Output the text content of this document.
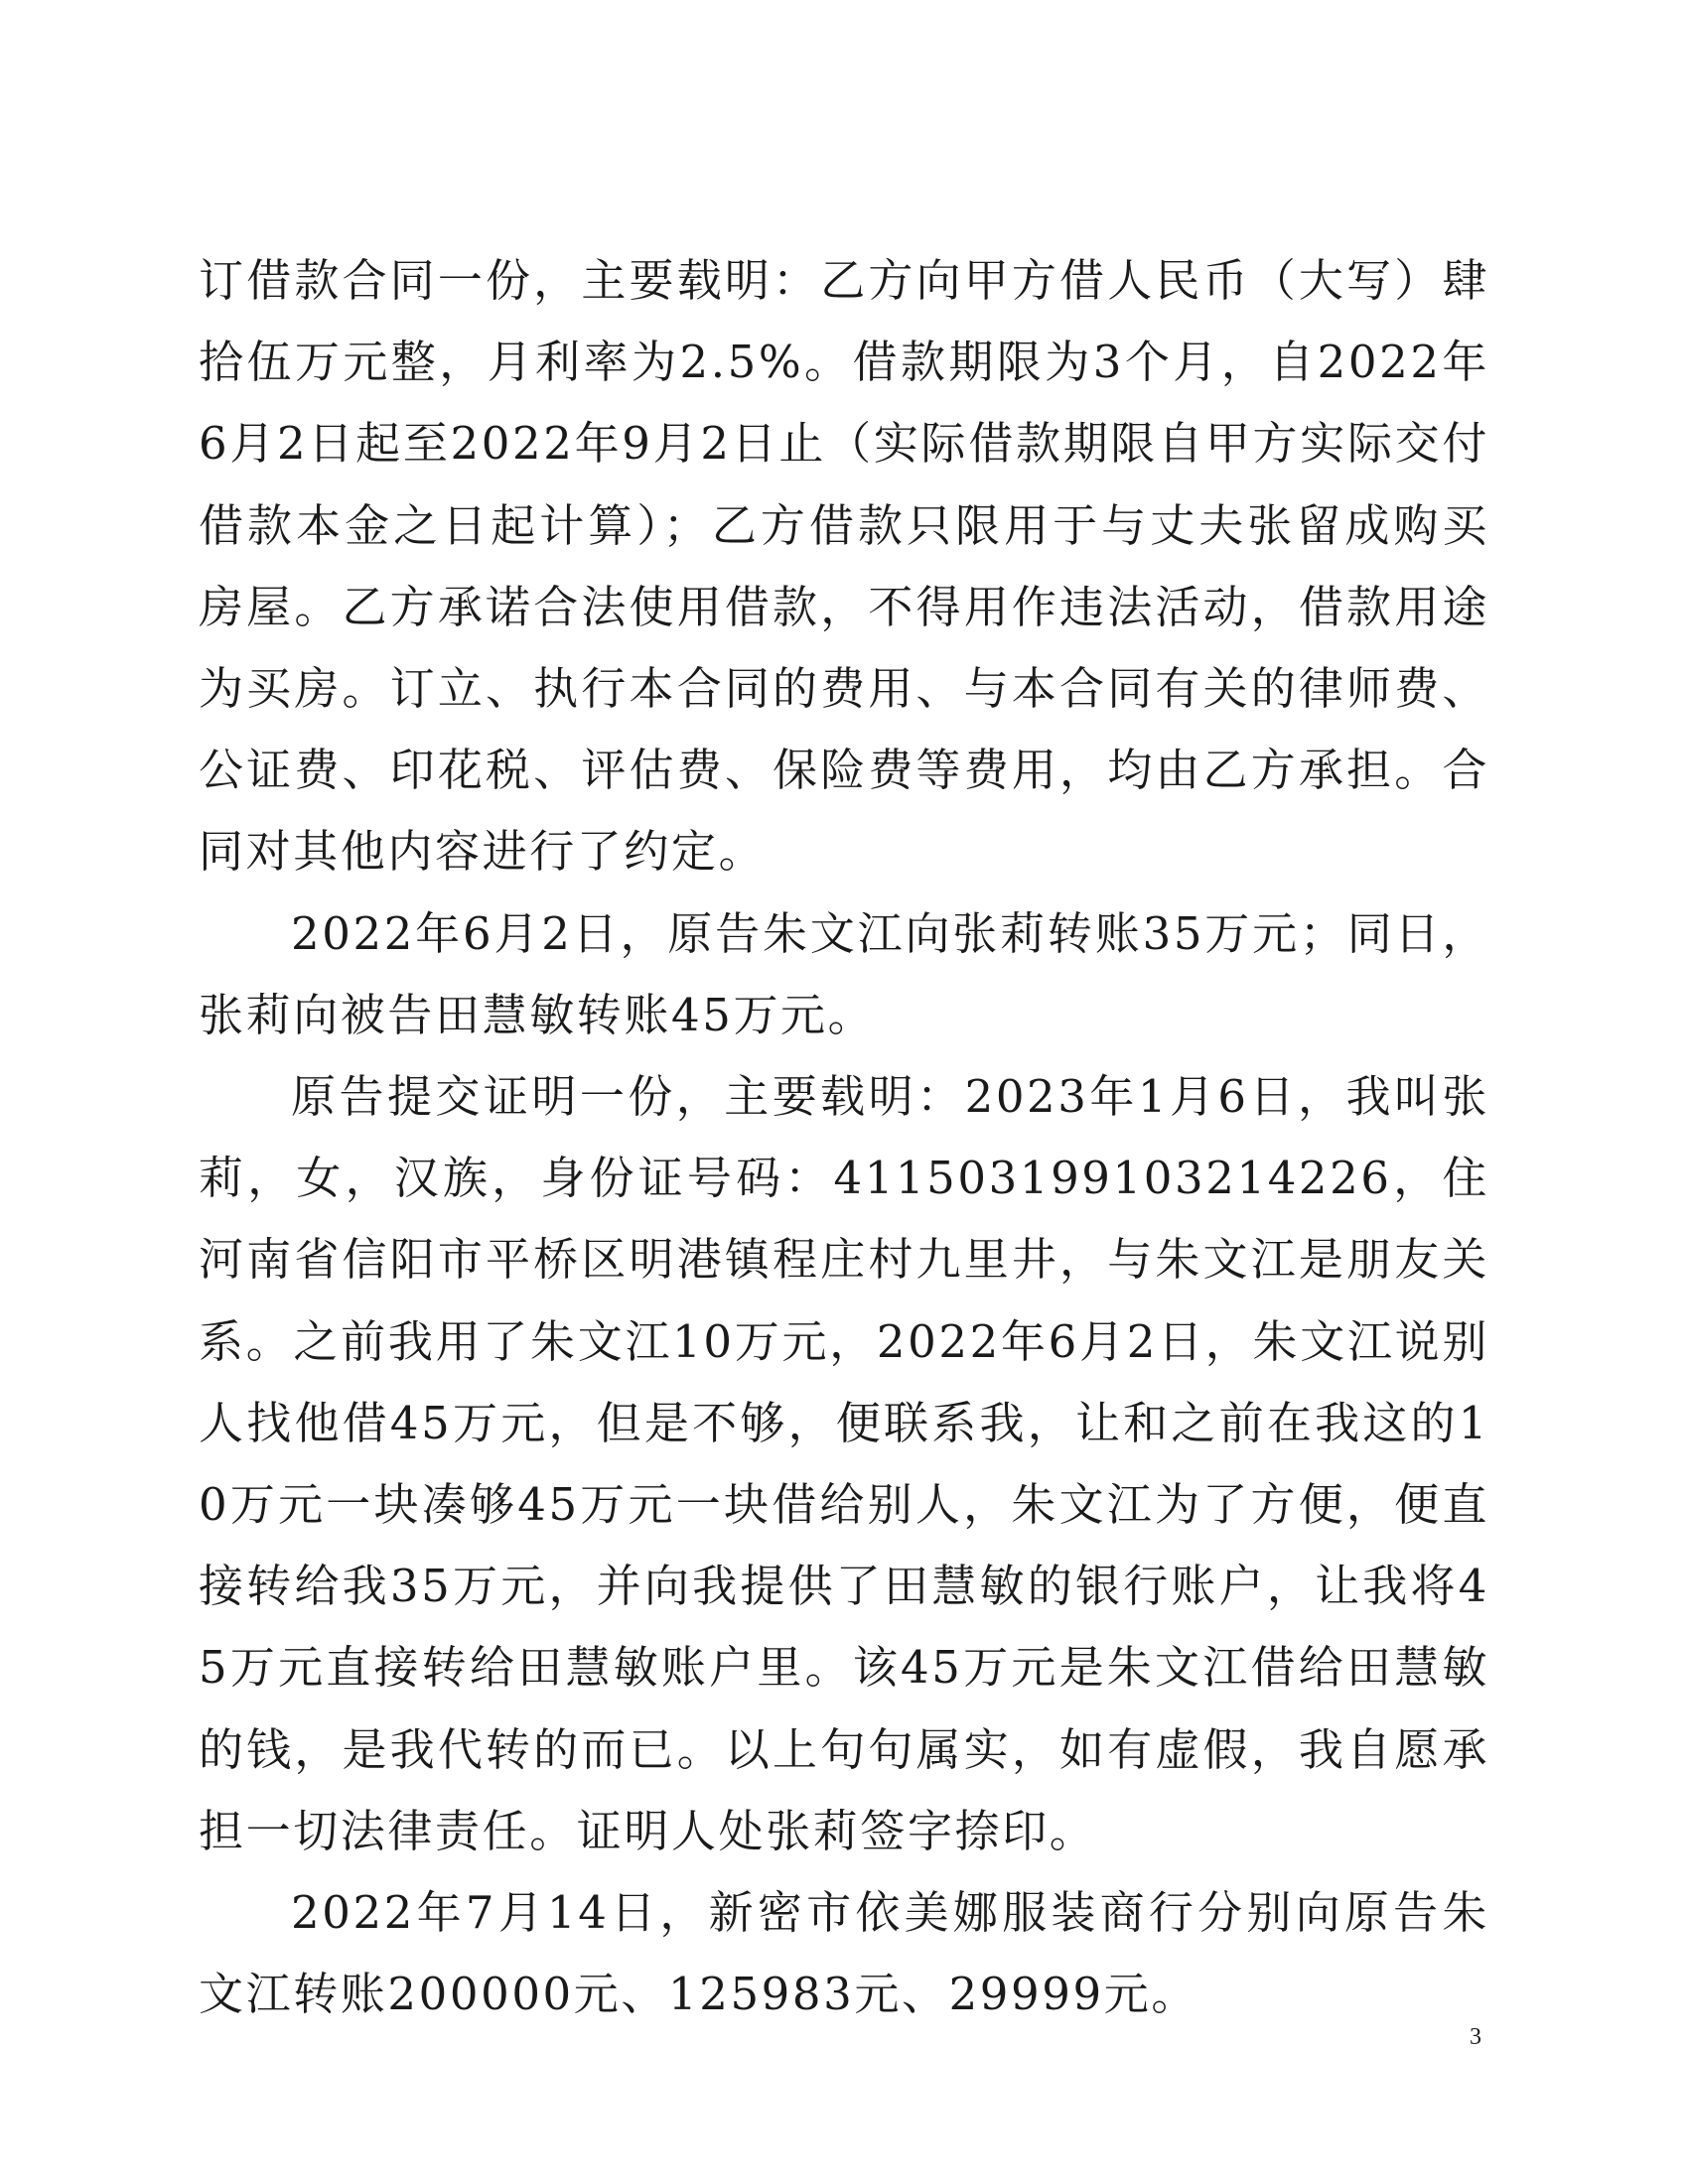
订借款合同一份，主要载明：乙方向甲方借人民币（大写）肆拾伍万元整，月利率为2.5%。借款期限为3个月，自2022年6月2日起至2022年9月2日止（实际借款期限自甲方实际交付借款本金之日起计算）；乙方借款只限用于与丈夫张留成购买房屋。乙方承诺合法使用借款，不得用作违法活动，借款用途为买房。订立、执行本合同的费用、与本合同有关的律师费、公证费、印花税、评估费、保险费等费用，均由乙方承担。合同对其他内容进行了约定。

2022年6月2日，原告朱文江向张莉转账35万元；同日，张莉向被告田慧敏转账45万元。

原告提交证明一份，主要载明：2023年1月6日，我叫张莉，女，汉族，身份证号码：411503199103214226，住河南省信阳市平桥区明港镇程庄村九里井，与朱文江是朋友关系。之前我用了朱文江10万元，2022年6月2日，朱文江说别人找他借45万元，但是不够，便联系我，让和之前在我这的10万元一块凑够45万元一块借给别人，朱文江为了方便，便直接转给我35万元，并向我提供了田慧敏的银行账户，让我将45万元直接转给田慧敏账户里。该45万元是朱文江借给田慧敏的钱，是我代转的而已。以上句句属实，如有虚假，我自愿承担一切法律责任。证明人处张莉签字捺印。

2022年7月14日，新密市依美娜服装商行分别向原告朱文江转账200000元、125983元、29999元。

3
